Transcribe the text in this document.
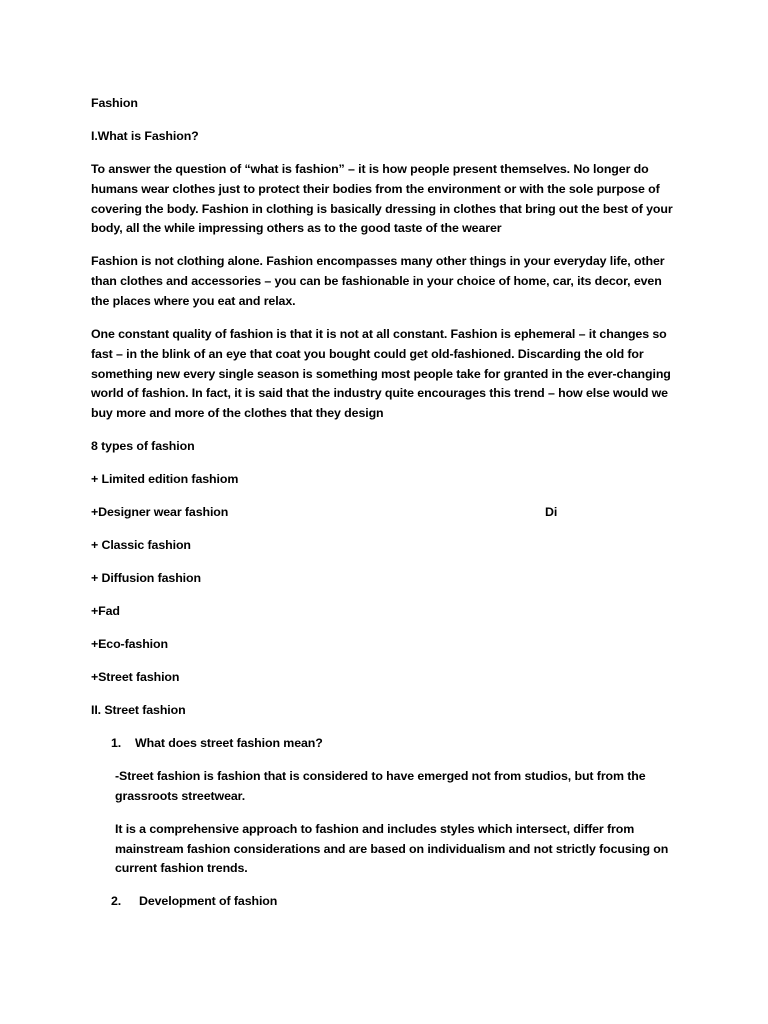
Fashion
I.What is Fashion?
To answer the question of “what is fashion” – it is how people present themselves. No longer do humans wear clothes just to protect their bodies from the environment or with the sole purpose of covering the body. Fashion in clothing is basically dressing in clothes that bring out the best of your body, all the while impressing others as to the good taste of the wearer
Fashion is not clothing alone. Fashion encompasses many other things in your everyday life, other than clothes and accessories – you can be fashionable in your choice of home, car, its decor, even the places where you eat and relax.
One constant quality of fashion is that it is not at all constant. Fashion is ephemeral – it changes so fast – in the blink of an eye that coat you bought could get old-fashioned. Discarding the old for something new every single season is something most people take for granted in the ever-changing world of fashion. In fact, it is said that the industry quite encourages this trend – how else would we buy more and more of the clothes that they design
8 types of fashion
+ Limited edition fashiom
+Designer wear fashion	Di
+ Classic fashion
+ Diffusion fashion
+Fad
+Eco-fashion
+Street fashion
II. Street fashion
1. What does street fashion mean?
-Street fashion is fashion that is considered to have emerged not from studios, but from the grassroots streetwear.
It is a comprehensive approach to fashion and includes styles which intersect, differ from mainstream fashion considerations and are based on individualism and not strictly focusing on current fashion trends.
2. Development of fashion
